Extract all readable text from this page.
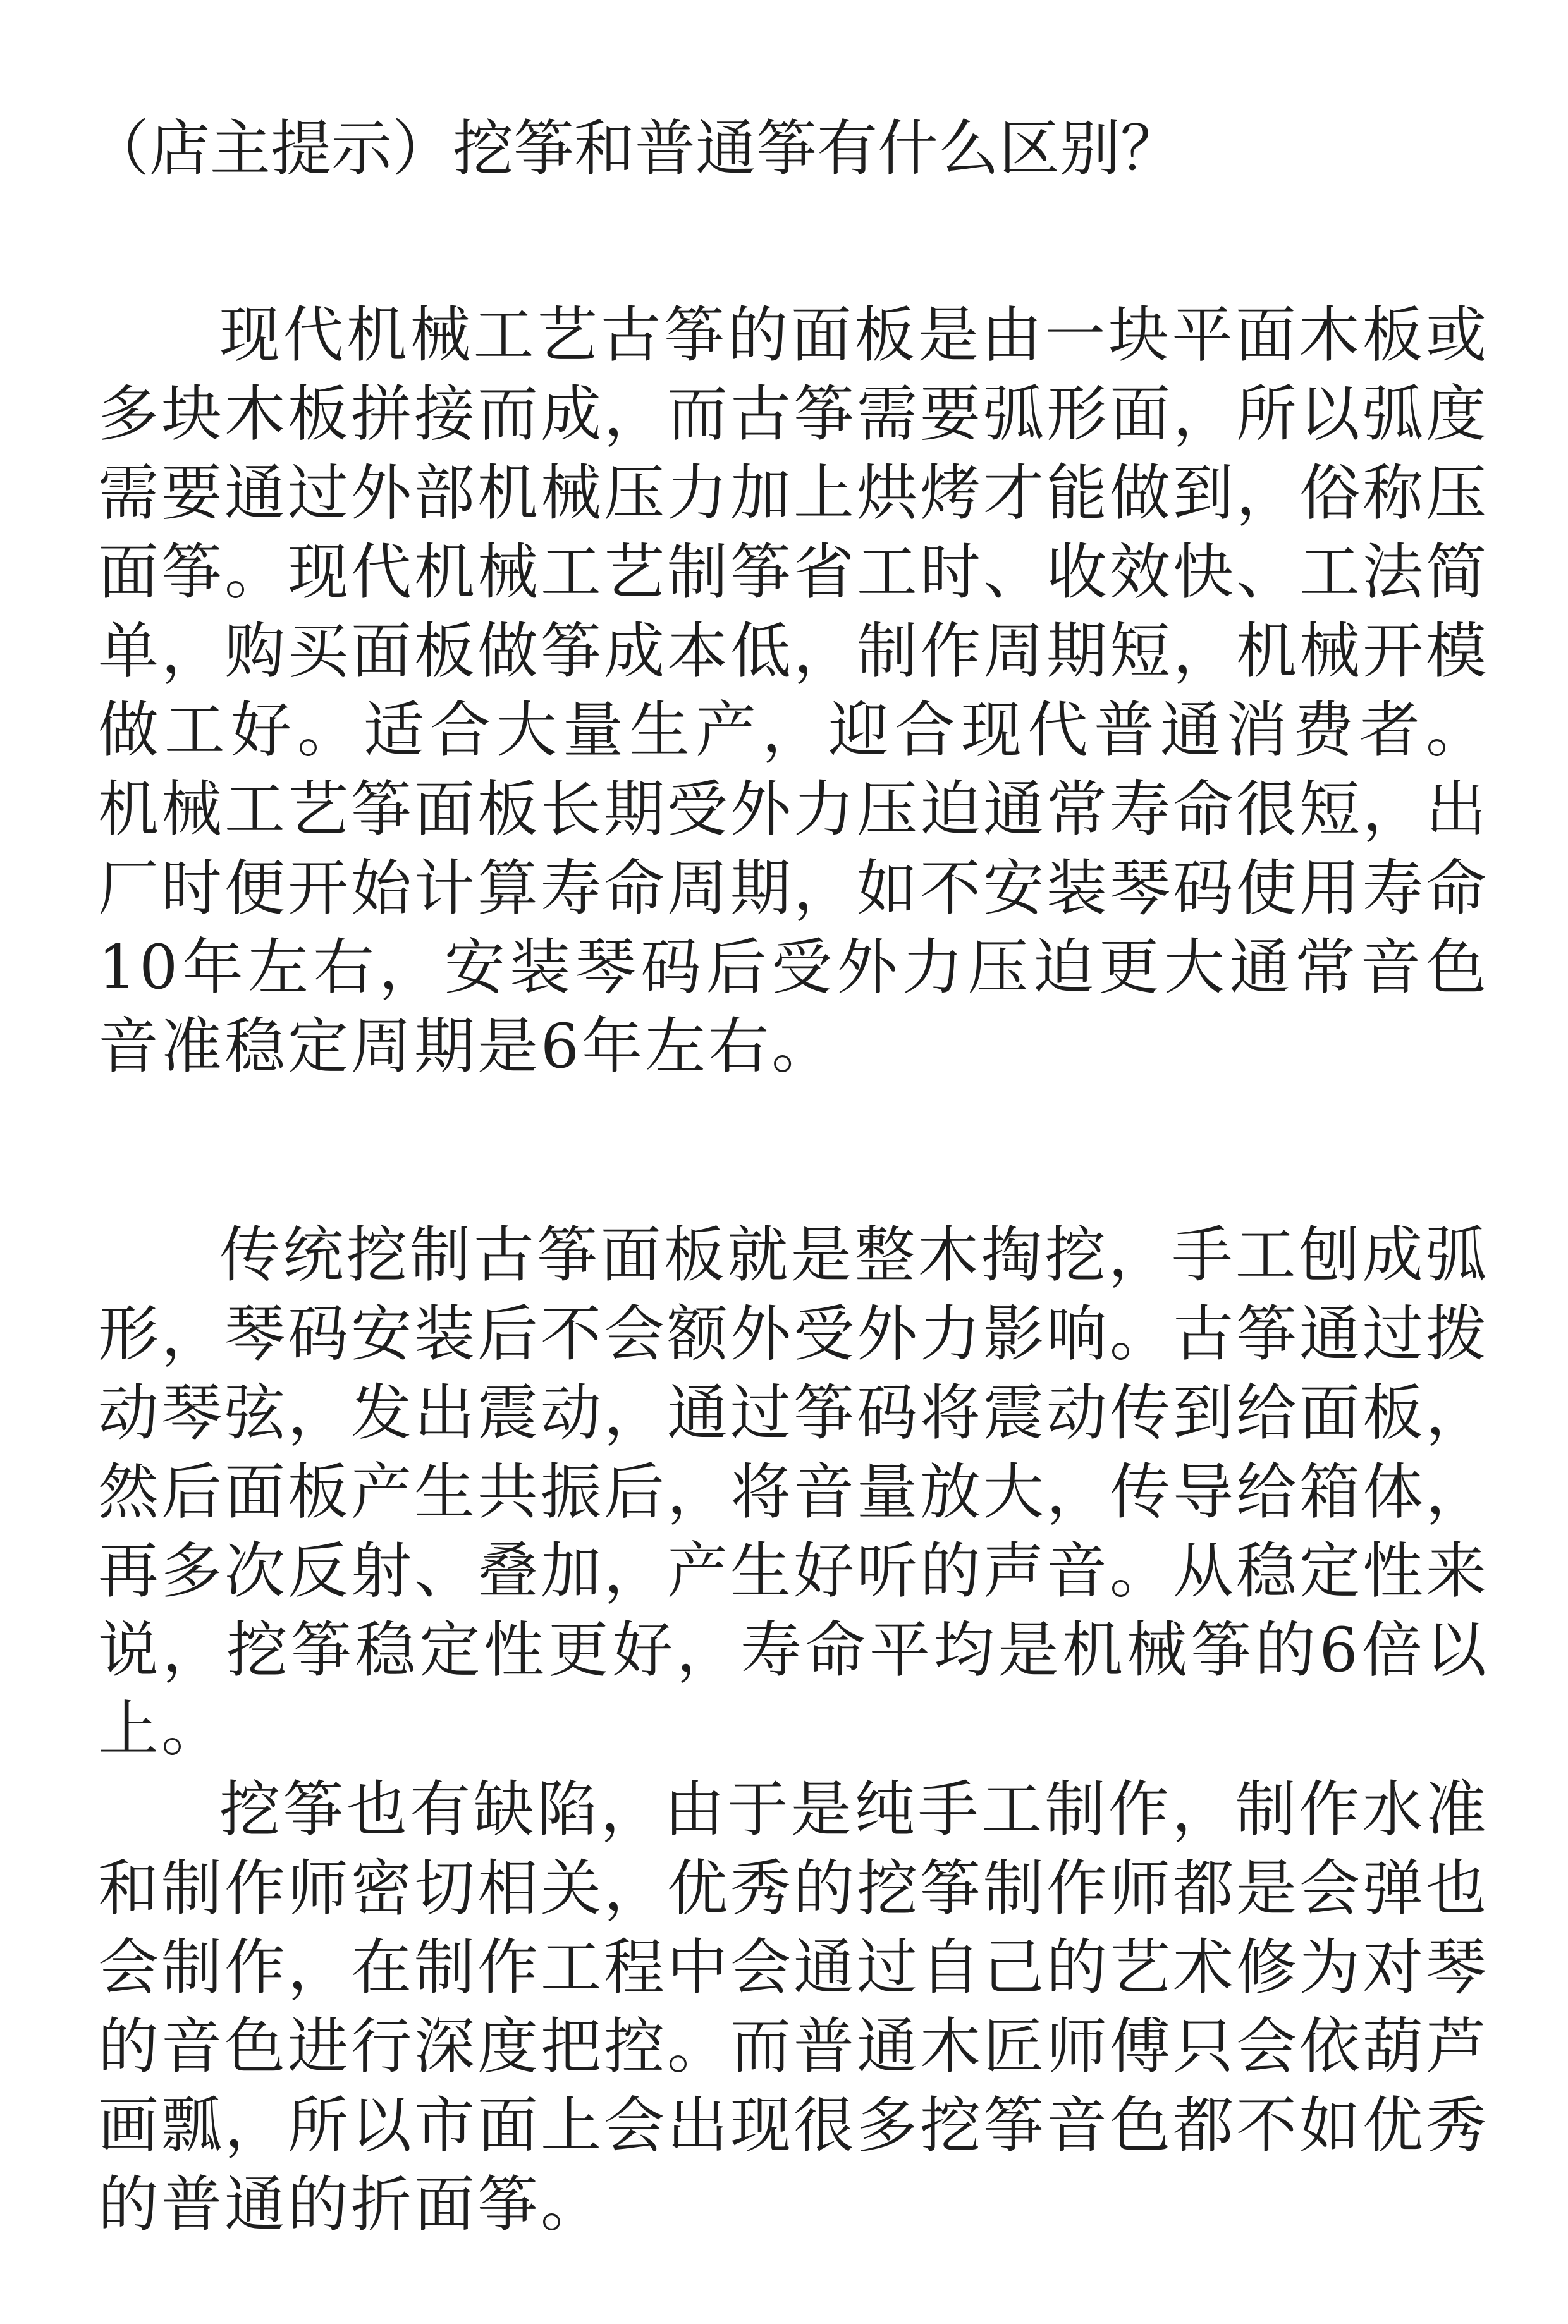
（店主提示）挖筝和普通筝有什么区别？

现代机械工艺古筝的面板是由一块平面木板或多块木板拼接而成，而古筝需要弧形面，所以弧度需要通过外部机械压力加上烘烤才能做到，俗称压面筝。现代机械工艺制筝省工时、收效快、工法简单，购买面板做筝成本低，制作周期短，机械开模做工好。适合大量生产，迎合现代普通消费者。 机械工艺筝面板长期受外力压迫通常寿命很短，出厂时便开始计算寿命周期，如不安装琴码使用寿命10年左右，安装琴码后受外力压迫更大通常音色音准稳定周期是6年左右。

传统挖制古筝面板就是整木掏挖，手工刨成弧形，琴码安装后不会额外受外力影响。古筝通过拨动琴弦，发出震动，通过筝码将震动传到给面板，然后面板产生共振后，将音量放大，传导给箱体，再多次反射、叠加，产生好听的声音。从稳定性来说，挖筝稳定性更好，寿命平均是机械筝的6倍以上。

挖筝也有缺陷，由于是纯手工制作，制作水准和制作师密切相关，优秀的挖筝制作师都是会弹也会制作，在制作工程中会通过自己的艺术修为对琴的音色进行深度把控。而普通木匠师傅只会依葫芦画瓢，所以市面上会出现很多挖筝音色都不如优秀的普通的折面筝。
